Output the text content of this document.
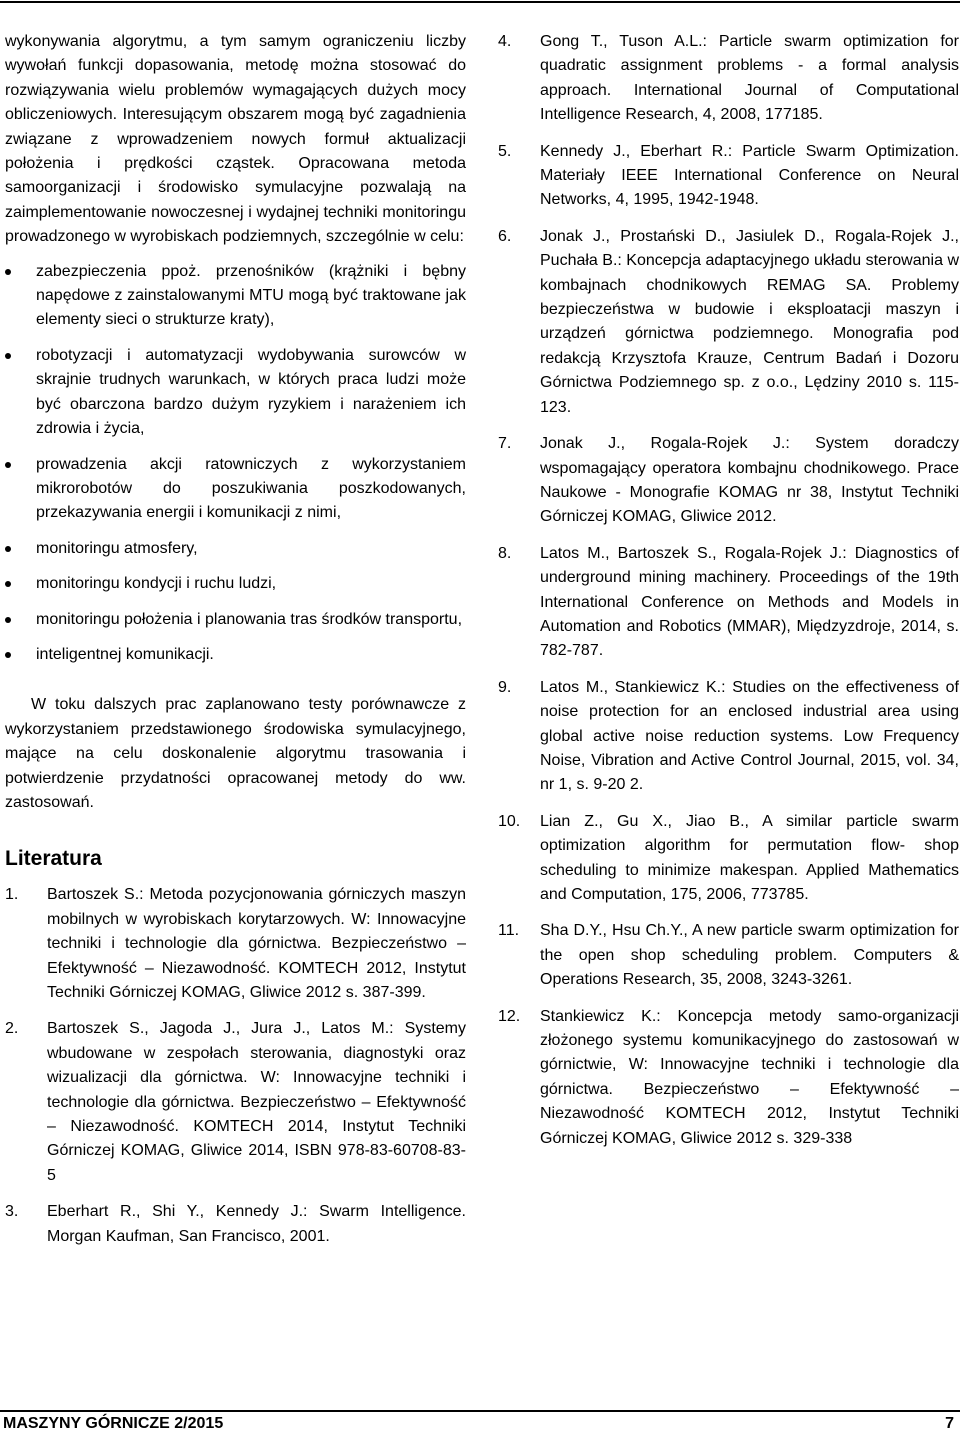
wykonywania algorytmu, a tym samym ograniczeniu liczby wywołań funkcji dopasowania, metodę można stosować do rozwiązywania wielu problemów wymagających dużych mocy obliczeniowych. Interesującym obszarem mogą być zagadnienia związane z wprowadzeniem nowych formuł aktualizacji położenia i prędkości cząstek. Opracowana metoda samoorganizacji i środowisko symulacyjne pozwalają na zaimplementowanie nowoczesnej i wydajnej techniki monitoringu prowadzonego w wyrobiskach podziemnych, szczególnie w celu:

zabezpieczenia ppoż. przenośników (krążniki i bębny napędowe z zainstalowanymi MTU mogą być traktowane jak elementy sieci o strukturze kraty),
robotyzacji i automatyzacji wydobywania surowców w skrajnie trudnych warunkach, w których praca ludzi może być obarczona bardzo dużym ryzykiem i narażeniem ich zdrowia i życia,
prowadzenia akcji ratowniczych z wykorzystaniem mikrorobotów do poszukiwania poszkodowanych, przekazywania energii i komunikacji z nimi,
monitoringu atmosfery,
monitoringu kondycji i ruchu ludzi,
monitoringu położenia i planowania tras środków transportu,
inteligentnej komunikacji.

W toku dalszych prac zaplanowano testy porównawcze z wykorzystaniem przedstawionego środowiska symulacyjnego, mające na celu doskonalenie algorytmu trasowania i potwierdzenie przydatności opracowanej metody do ww. zastosowań.

Literatura
1. Bartoszek S.: Metoda pozycjonowania górniczych maszyn mobilnych w wyrobiskach korytarzowych. W: Innowacyjne techniki i technologie dla górnictwa. Bezpieczeństwo – Efektywność – Niezawodność. KOMTECH 2012, Instytut Techniki Górniczej KOMAG, Gliwice 2012 s. 387-399.
2. Bartoszek S., Jagoda J., Jura J., Latos M.: Systemy wbudowane w zespołach sterowania, diagnostyki oraz wizualizacji dla górnictwa. W: Innowacyjne techniki i technologie dla górnictwa. Bezpieczeństwo – Efektywność – Niezawodność. KOMTECH 2014, Instytut Techniki Górniczej KOMAG, Gliwice 2014, ISBN 978-83-60708-83-5
3. Eberhart R., Shi Y., Kennedy J.: Swarm Intelligence. Morgan Kaufman, San Francisco, 2001.
4. Gong T., Tuson A.L.: Particle swarm optimization for quadratic assignment problems - a formal analysis approach. International Journal of Computational Intelligence Research, 4, 2008, 177185.
5. Kennedy J., Eberhart R.: Particle Swarm Optimization. Materiały IEEE International Conference on Neural Networks, 4, 1995, 1942-1948.
6. Jonak J., Prostański D., Jasiulek D., Rogala-Rojek J., Puchała B.: Koncepcja adaptacyjnego układu sterowania w kombajnach chodnikowych REMAG SA. Problemy bezpieczeństwa w budowie i eksploatacji maszyn i urządzeń górnictwa podziemnego. Monografia pod redakcją Krzysztofa Krauze, Centrum Badań i Dozoru Górnictwa Podziemnego sp. z o.o., Lędziny 2010 s. 115-123.
7. Jonak J., Rogala-Rojek J.: System doradczy wspomagający operatora kombajnu chodnikowego. Prace Naukowe - Monografie KOMAG nr 38, Instytut Techniki Górniczej KOMAG, Gliwice 2012.
8. Latos M., Bartoszek S., Rogala-Rojek J.: Diagnostics of underground mining machinery. Proceedings of the 19th International Conference on Methods and Models in Automation and Robotics (MMAR), Międzyzdroje, 2014, s. 782-787.
9. Latos M., Stankiewicz K.: Studies on the effectiveness of noise protection for an enclosed industrial area using global active noise reduction systems. Low Frequency Noise, Vibration and Active Control Journal, 2015, vol. 34, nr 1, s. 9-20 2.
10. Lian Z., Gu X., Jiao B., A similar particle swarm optimization algorithm for permutation flow- shop scheduling to minimize makespan. Applied Mathematics and Computation, 175, 2006, 773785.
11. Sha D.Y., Hsu Ch.Y., A new particle swarm optimization for the open shop scheduling problem. Computers & Operations Research, 35, 2008, 3243-3261.
12. Stankiewicz K.: Koncepcja metody samo-organizacji złożonego systemu komunikacyjnego do zastosowań w górnictwie, W: Innowacyjne techniki i technologie dla górnictwa. Bezpieczeństwo – Efektywność – Niezawodność KOMTECH 2012, Instytut Techniki Górniczej KOMAG, Gliwice 2012 s. 329-338
MASZYNY GÓRNICZE 2/2015	7
